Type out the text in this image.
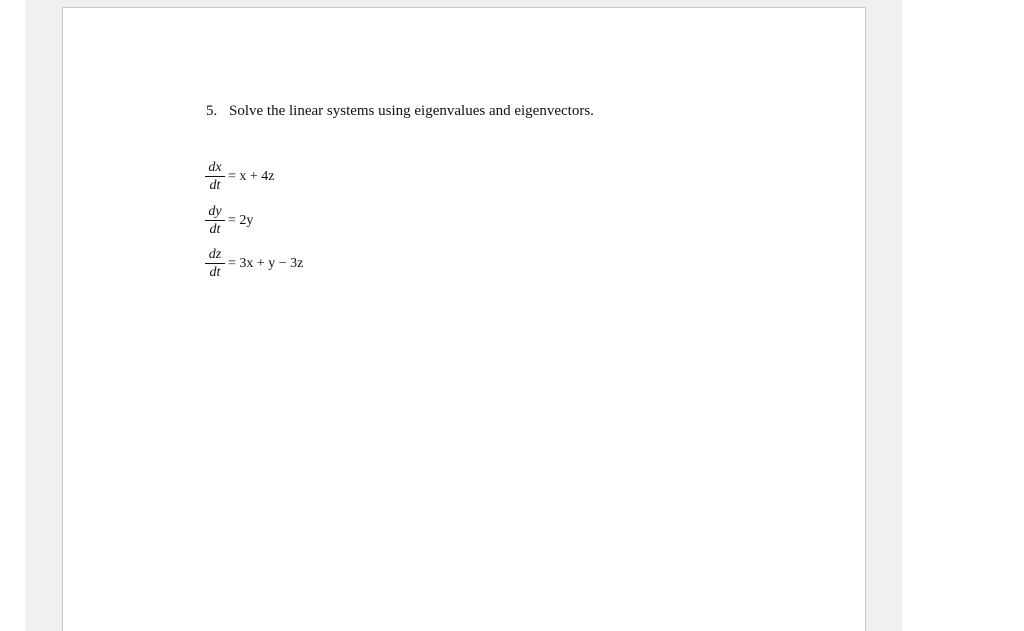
5. Solve the linear systems using eigenvalues and eigenvectors.
$\frac{dx}{dt} = x + 4z$
$\frac{dy}{dt} = 2y$
$\frac{dz}{dt} = 3x + y - 3z$
